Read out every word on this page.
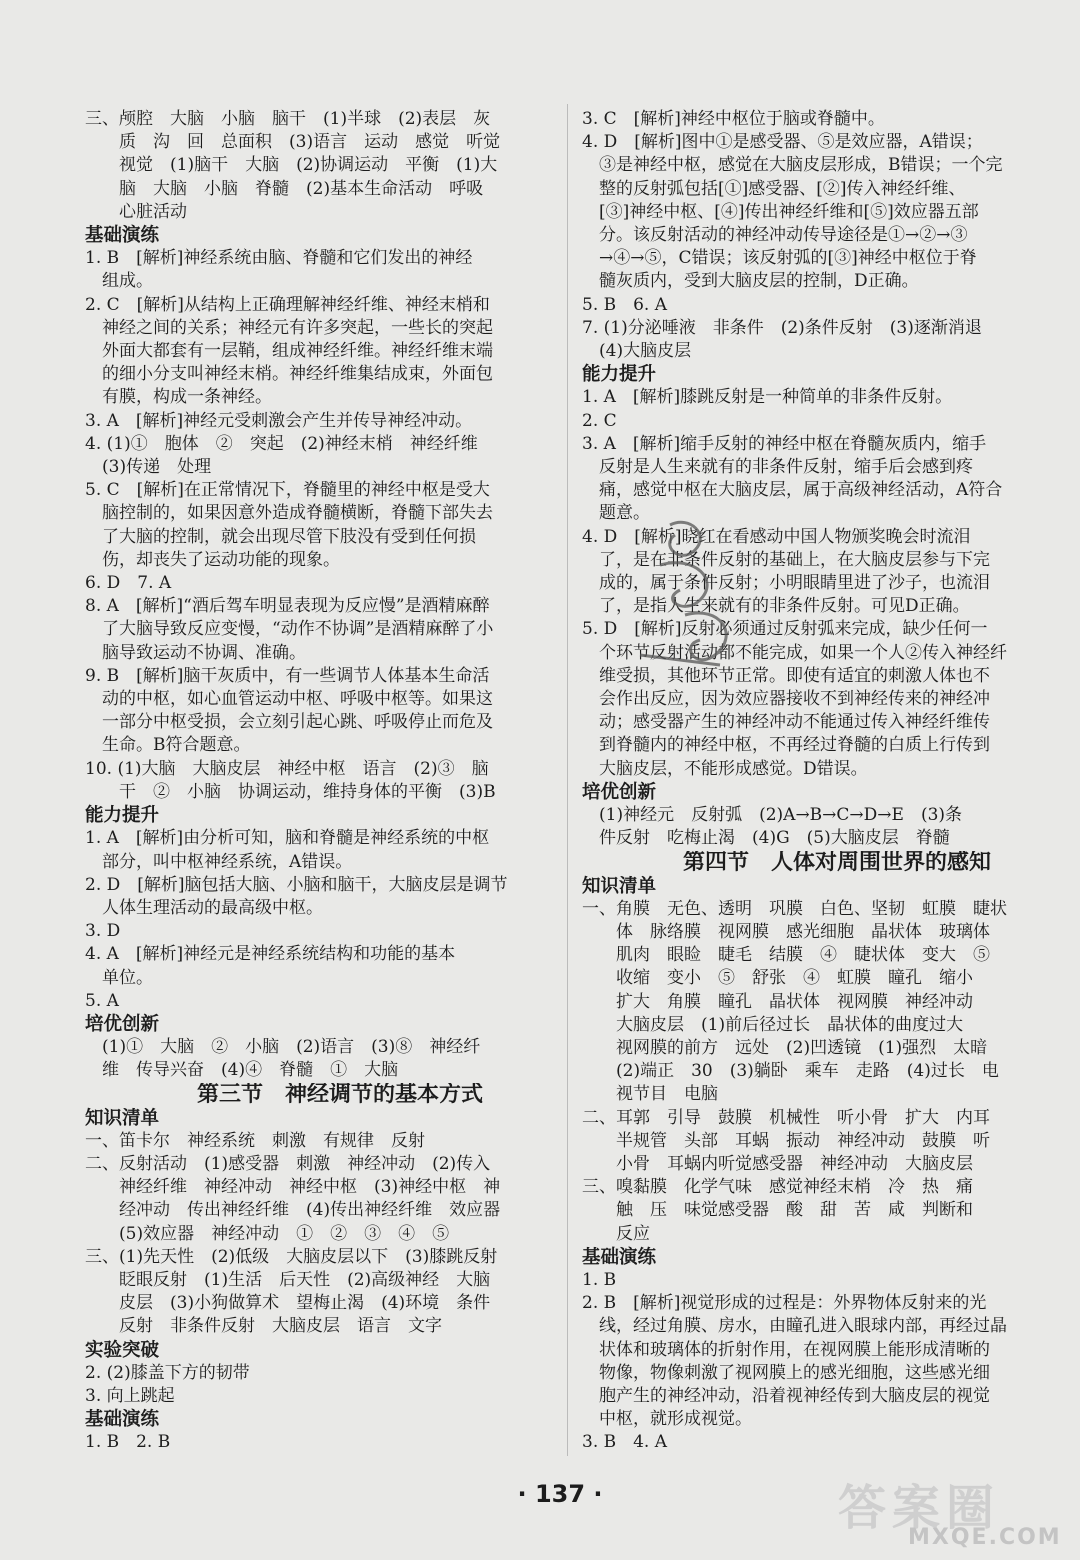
三、颅腔　大脑　小脑　脑干　(1)半球　(2)表层　灰
　　质　沟　回　总面积　(3)语言　运动　感觉　听觉
　　视觉　(1)脑干　大脑　(2)协调运动　平衡　(1)大
　　脑　大脑　小脑　脊髓　(2)基本生命活动　呼吸
　　心脏活动
基础演练
1. B　[解析]神经系统由脑、脊髓和它们发出的神经
　组成。
2. C　[解析]从结构上正确理解神经纤维、神经末梢和
　神经之间的关系；神经元有许多突起，一些长的突起
　外面大都套有一层鞘，组成神经纤维。神经纤维末端
　的细小分支叫神经末梢。神经纤维集结成束，外面包
　有膜，构成一条神经。
3. A　[解析]神经元受刺激会产生并传导神经冲动。
4. (1)①　胞体　②　突起　(2)神经末梢　神经纤维
　(3)传递　处理
5. C　[解析]在正常情况下，脊髓里的神经中枢是受大
　脑控制的，如果因意外造成脊髓横断，脊髓下部失去
　了大脑的控制，就会出现尽管下肢没有受到任何损
　伤，却丧失了运动功能的现象。
6. D　7. A
8. A　[解析]“酒后驾车明显表现为反应慢”是酒精麻醉
　了大脑导致反应变慢，“动作不协调”是酒精麻醉了小
　脑导致运动不协调、准确。
9. B　[解析]脑干灰质中，有一些调节人体基本生命活
　动的中枢，如心血管运动中枢、呼吸中枢等。如果这
　一部分中枢受损，会立刻引起心跳、呼吸停止而危及
　生命。B符合题意。
10. (1)大脑　大脑皮层　神经中枢　语言　(2)③　脑
　　干　②　小脑　协调运动，维持身体的平衡　(3)B
能力提升
1. A　[解析]由分析可知，脑和脊髓是神经系统的中枢
　部分，叫中枢神经系统，A错误。
2. D　[解析]脑包括大脑、小脑和脑干，大脑皮层是调节
　人体生理活动的最高级中枢。
3. D
4. A　[解析]神经元是神经系统结构和功能的基本
　单位。
5. A
培优创新
　(1)①　大脑　②　小脑　(2)语言　(3)⑧　神经纤
　维　传导兴奋　(4)④　脊髓　①　大脑
第三节　神经调节的基本方式
知识清单
一、笛卡尔　神经系统　刺激　有规律　反射
二、反射活动　(1)感受器　刺激　神经冲动　(2)传入
　　神经纤维　神经冲动　神经中枢　(3)神经中枢　神
　　经冲动　传出神经纤维　(4)传出神经纤维　效应器
　　(5)效应器　神经冲动　①　②　③　④　⑤
三、(1)先天性　(2)低级　大脑皮层以下　(3)膝跳反射
　　眨眼反射　(1)生活　后天性　(2)高级神经　大脑
　　皮层　(3)小狗做算术　望梅止渴　(4)环境　条件
　　反射　非条件反射　大脑皮层　语言　文字
实验突破
2. (2)膝盖下方的韧带
3. 向上跳起
基础演练
1. B　2. B
3. C　[解析]神经中枢位于脑或脊髓中。
4. D　[解析]图中①是感受器、⑤是效应器，A错误；
　③是神经中枢，感觉在大脑皮层形成，B错误；一个完
　整的反射弧包括[①]感受器、[②]传入神经纤维、
　[③]神经中枢、[④]传出神经纤维和[⑤]效应器五部
　分。该反射活动的神经冲动传导途径是①→②→③
　→④→⑤，C错误；该反射弧的[③]神经中枢位于脊
　髓灰质内，受到大脑皮层的控制，D正确。
5. B　6. A
7. (1)分泌唾液　非条件　(2)条件反射　(3)逐渐消退
　(4)大脑皮层
能力提升
1. A　[解析]膝跳反射是一种简单的非条件反射。
2. C
3. A　[解析]缩手反射的神经中枢在脊髓灰质内，缩手
　反射是人生来就有的非条件反射，缩手后会感到疼
　痛，感觉中枢在大脑皮层，属于高级神经活动，A符合
　题意。
4. D　[解析]晓红在看感动中国人物颁奖晚会时流泪
　了，是在非条件反射的基础上，在大脑皮层参与下完
　成的，属于条件反射；小明眼睛里进了沙子，也流泪
　了，是指人生来就有的非条件反射。可见D正确。
5. D　[解析]反射必须通过反射弧来完成，缺少任何一
　个环节反射活动都不能完成，如果一个人②传入神经纤
　维受损，其他环节正常。即使有适宜的刺激人体也不
　会作出反应，因为效应器接收不到神经传来的神经冲
　动；感受器产生的神经冲动不能通过传入神经纤维传
　到脊髓内的神经中枢，不再经过脊髓的白质上行传到
　大脑皮层，不能形成感觉。D错误。
培优创新
　(1)神经元　反射弧　(2)A→B→C→D→E　(3)条
　件反射　吃梅止渴　(4)G　(5)大脑皮层　脊髓
第四节　人体对周围世界的感知
知识清单
一、角膜　无色、透明　巩膜　白色、坚韧　虹膜　睫状
　　体　脉络膜　视网膜　感光细胞　晶状体　玻璃体
　　肌肉　眼睑　睫毛　结膜　④　睫状体　变大　⑤
　　收缩　变小　⑤　舒张　④　虹膜　瞳孔　缩小
　　扩大　角膜　瞳孔　晶状体　视网膜　神经冲动
　　大脑皮层　(1)前后径过长　晶状体的曲度过大
　　视网膜的前方　远处　(2)凹透镜　(1)强烈　太暗
　　(2)端正　30　(3)躺卧　乘车　走路　(4)过长　电
　　视节目　电脑
二、耳郭　引导　鼓膜　机械性　听小骨　扩大　内耳
　　半规管　头部　耳蜗　振动　神经冲动　鼓膜　听
　　小骨　耳蜗内听觉感受器　神经冲动　大脑皮层
三、嗅黏膜　化学气味　感觉神经末梢　冷　热　痛
　　触　压　味觉感受器　酸　甜　苦　咸　判断和
　　反应
基础演练
1. B
2. B　[解析]视觉形成的过程是：外界物体反射来的光
　线，经过角膜、房水，由瞳孔进入眼球内部，再经过晶
　状体和玻璃体的折射作用，在视网膜上能形成清晰的
　物像，物像刺激了视网膜上的感光细胞，这些感光细
　胞产生的神经冲动，沿着视神经传到大脑皮层的视觉
　中枢，就形成视觉。
3. B　4. A
· 137 ·	答案圈
MXQE.COM
